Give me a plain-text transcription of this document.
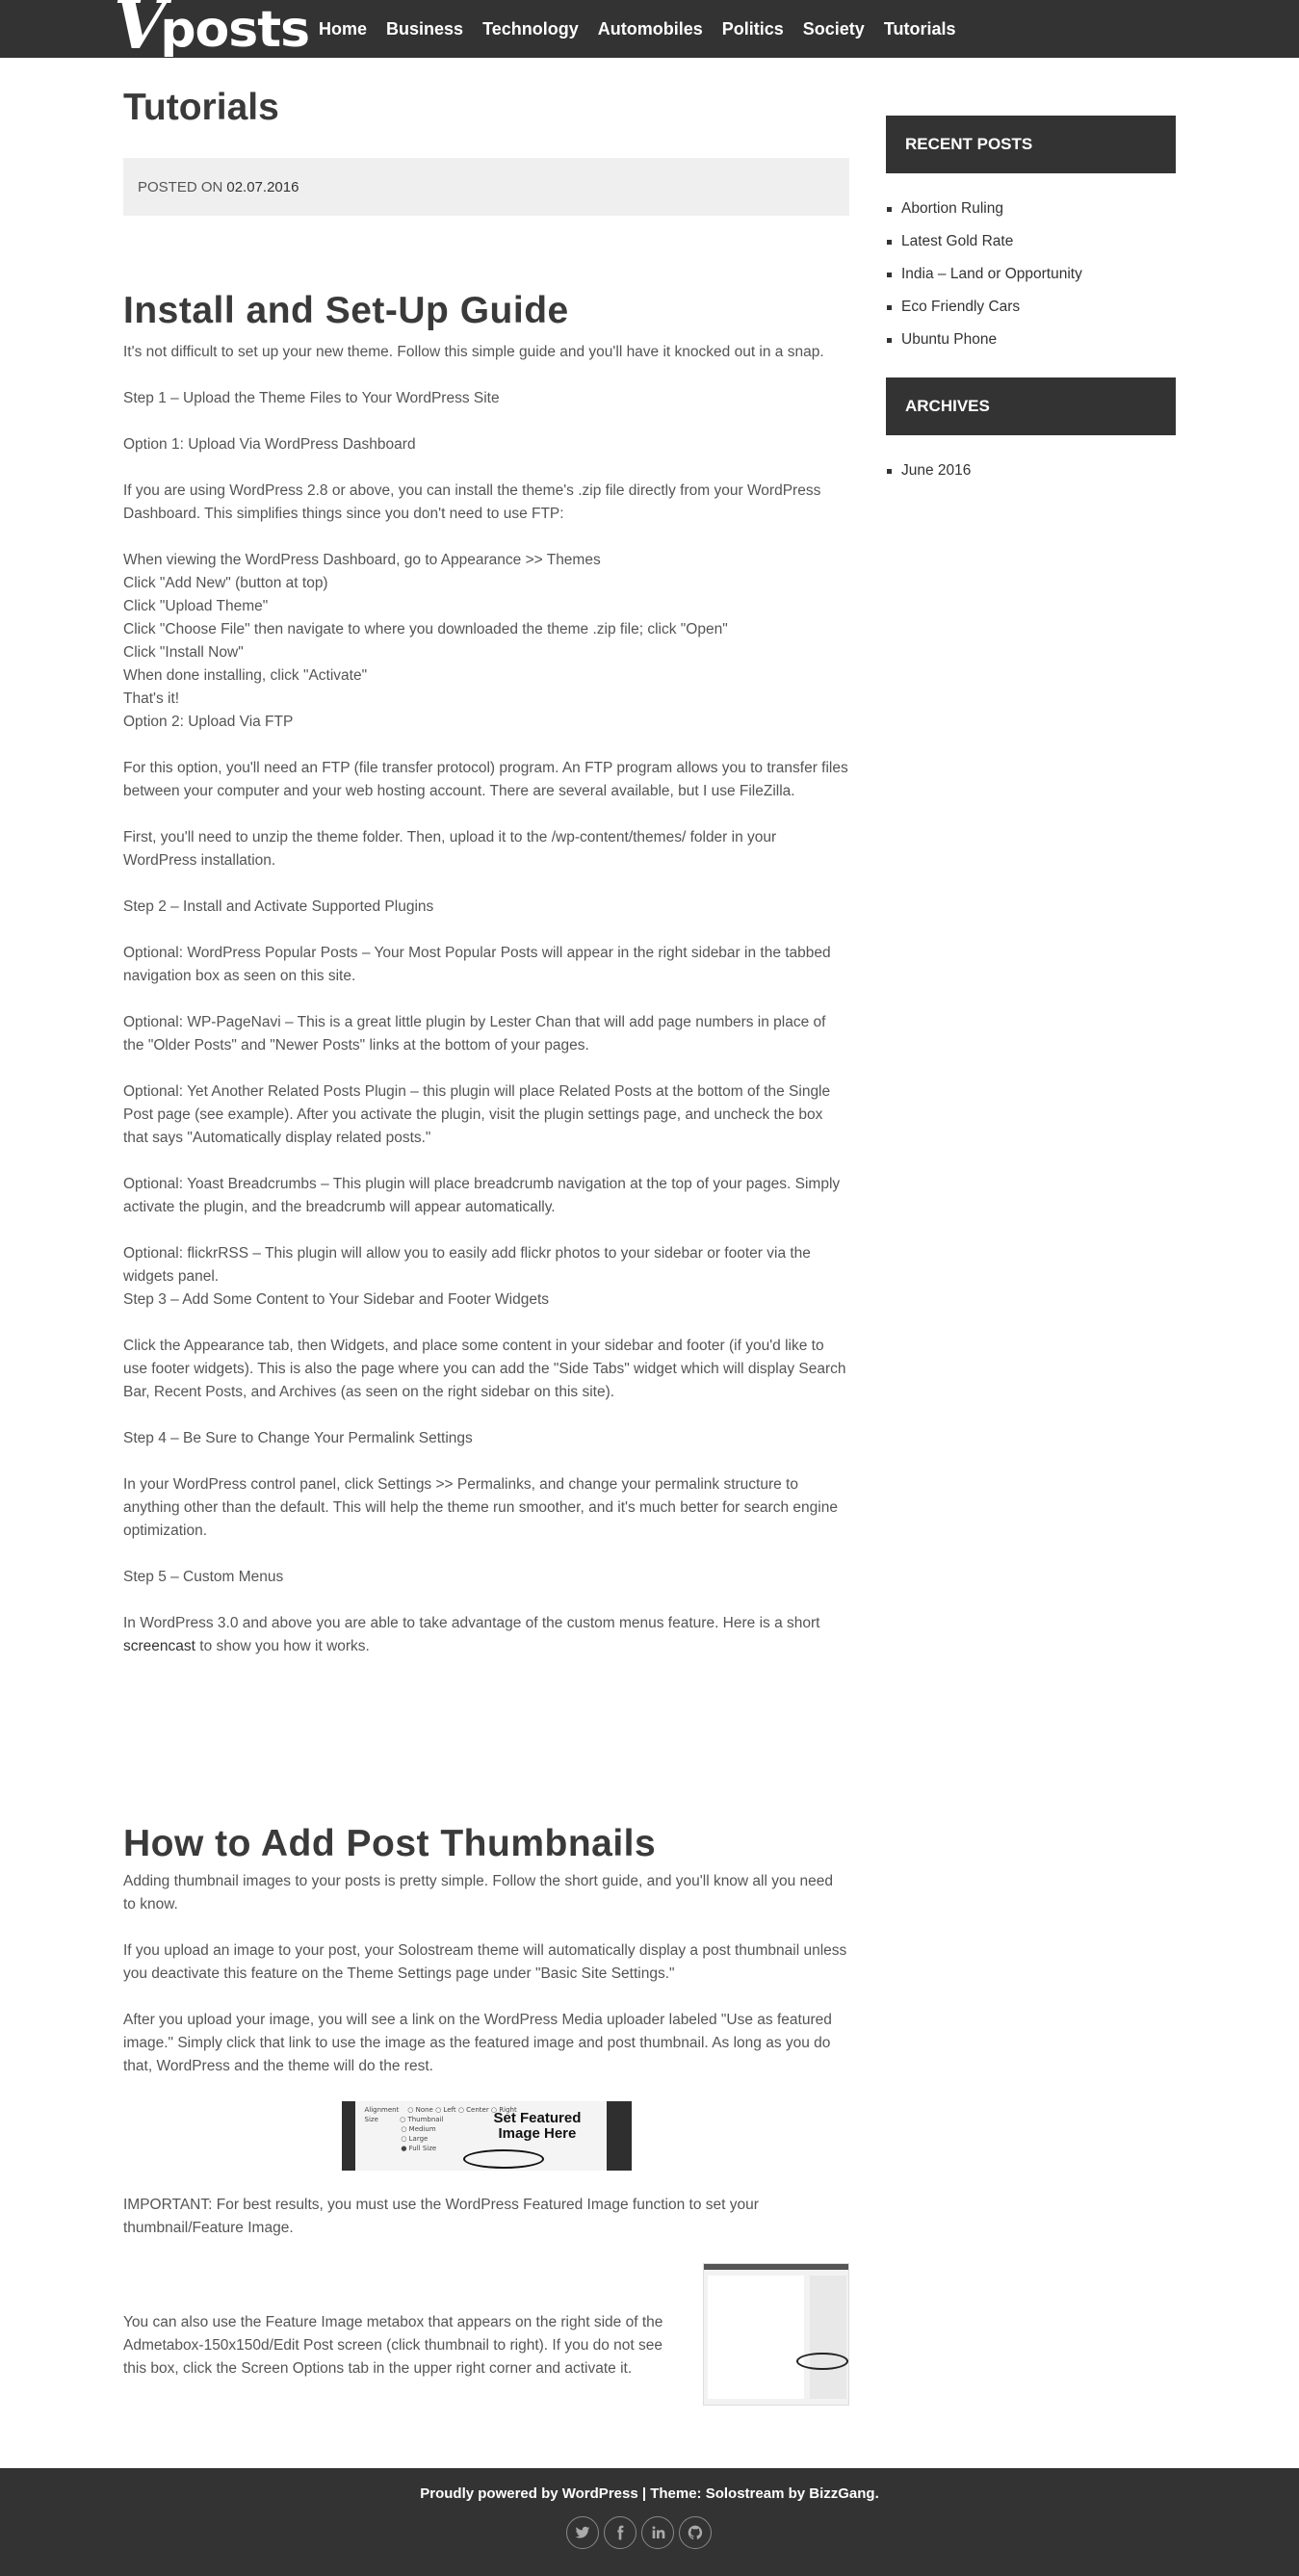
V
posts Home Business Technology Automobiles Politics Society Tutorials
Tutorials
POSTED ON 02.07.2016
Install and Set-Up Guide

It's not difficult to set up your new theme. Follow this simple guide and you'll have it knocked out in a snap.

Step 1 – Upload the Theme Files to Your WordPress Site

Option 1: Upload Via WordPress Dashboard

If you are using WordPress 2.8 or above, you can install the theme's .zip file directly from your WordPress Dashboard. This simplifies things since you don't need to use FTP:

When viewing the WordPress Dashboard, go to Appearance >> Themes
Click "Add New" (button at top)
Click "Upload Theme"
Click "Choose File" then navigate to where you downloaded the theme .zip file; click "Open"
Click "Install Now"
When done installing, click "Activate"
That's it!
Option 2: Upload Via FTP

For this option, you'll need an FTP (file transfer protocol) program. An FTP program allows you to transfer files between your computer and your web hosting account. There are several available, but I use FileZilla.

First, you'll need to unzip the theme folder. Then, upload it to the /wp-content/themes/ folder in your WordPress installation.

Step 2 – Install and Activate Supported Plugins

Optional: WordPress Popular Posts – Your Most Popular Posts will appear in the right sidebar in the tabbed navigation box as seen on this site.

Optional: WP-PageNavi – This is a great little plugin by Lester Chan that will add page numbers in place of the "Older Posts" and "Newer Posts" links at the bottom of your pages.

Optional: Yet Another Related Posts Plugin – this plugin will place Related Posts at the bottom of the Single Post page (see example). After you activate the plugin, visit the plugin settings page, and uncheck the box that says "Automatically display related posts."

Optional: Yoast Breadcrumbs – This plugin will place breadcrumb navigation at the top of your pages. Simply activate the plugin, and the breadcrumb will appear automatically.

Optional: flickrRSS – This plugin will allow you to easily add flickr photos to your sidebar or footer via the widgets panel.

Step 3 – Add Some Content to Your Sidebar and Footer Widgets

Click the Appearance tab, then Widgets, and place some content in your sidebar and footer (if you'd like to use footer widgets). This is also the page where you can add the "Side Tabs" widget which will display Search Bar, Recent Posts, and Archives (as seen on the right sidebar on this site).

Step 4 – Be Sure to Change Your Permalink Settings

In your WordPress control panel, click Settings >> Permalinks, and change your permalink structure to anything other than the default. This will help the theme run smoother, and it's much better for search engine optimization.

Step 5 – Custom Menus

In WordPress 3.0 and above you are able to take advantage of the custom menus feature. Here is a short screencast to show you how it works.

How to Add Post Thumbnails

Adding thumbnail images to your posts is pretty simple. Follow the short guide, and you'll know all you need to know.

If you upload an image to your post, your Solostream theme will automatically display a post thumbnail unless you deactivate this feature on the Theme Settings page under "Basic Site Settings."

After you upload your image, you will see a link on the WordPress Media uploader labeled "Use as featured image." Simply click that link to use the image as the featured image and post thumbnail. As long as you do that, WordPress and the theme will do the rest.

Alignment    ○ None ○ Left ○ Center ○ Right
Size          ○ Thumbnail
○ Medium
○ Large
● Full Size
Set Featured
Image Here

IMPORTANT: For best results, you must use the WordPress Featured Image function to set your thumbnail/Feature Image.

You can also use the Feature Image metabox that appears on the right side of the Admetabox-150x150d/Edit Post screen (click thumbnail to right). If you do not see this box, click the Screen Options tab in the upper right corner and activate it.
RECENT POSTS
Abortion Ruling
Latest Gold Rate
India – Land or Opportunity
Eco Friendly Cars
Ubuntu Phone
ARCHIVES
June 2016
Proudly powered by WordPress | Theme: Solostream by BizzGang.
